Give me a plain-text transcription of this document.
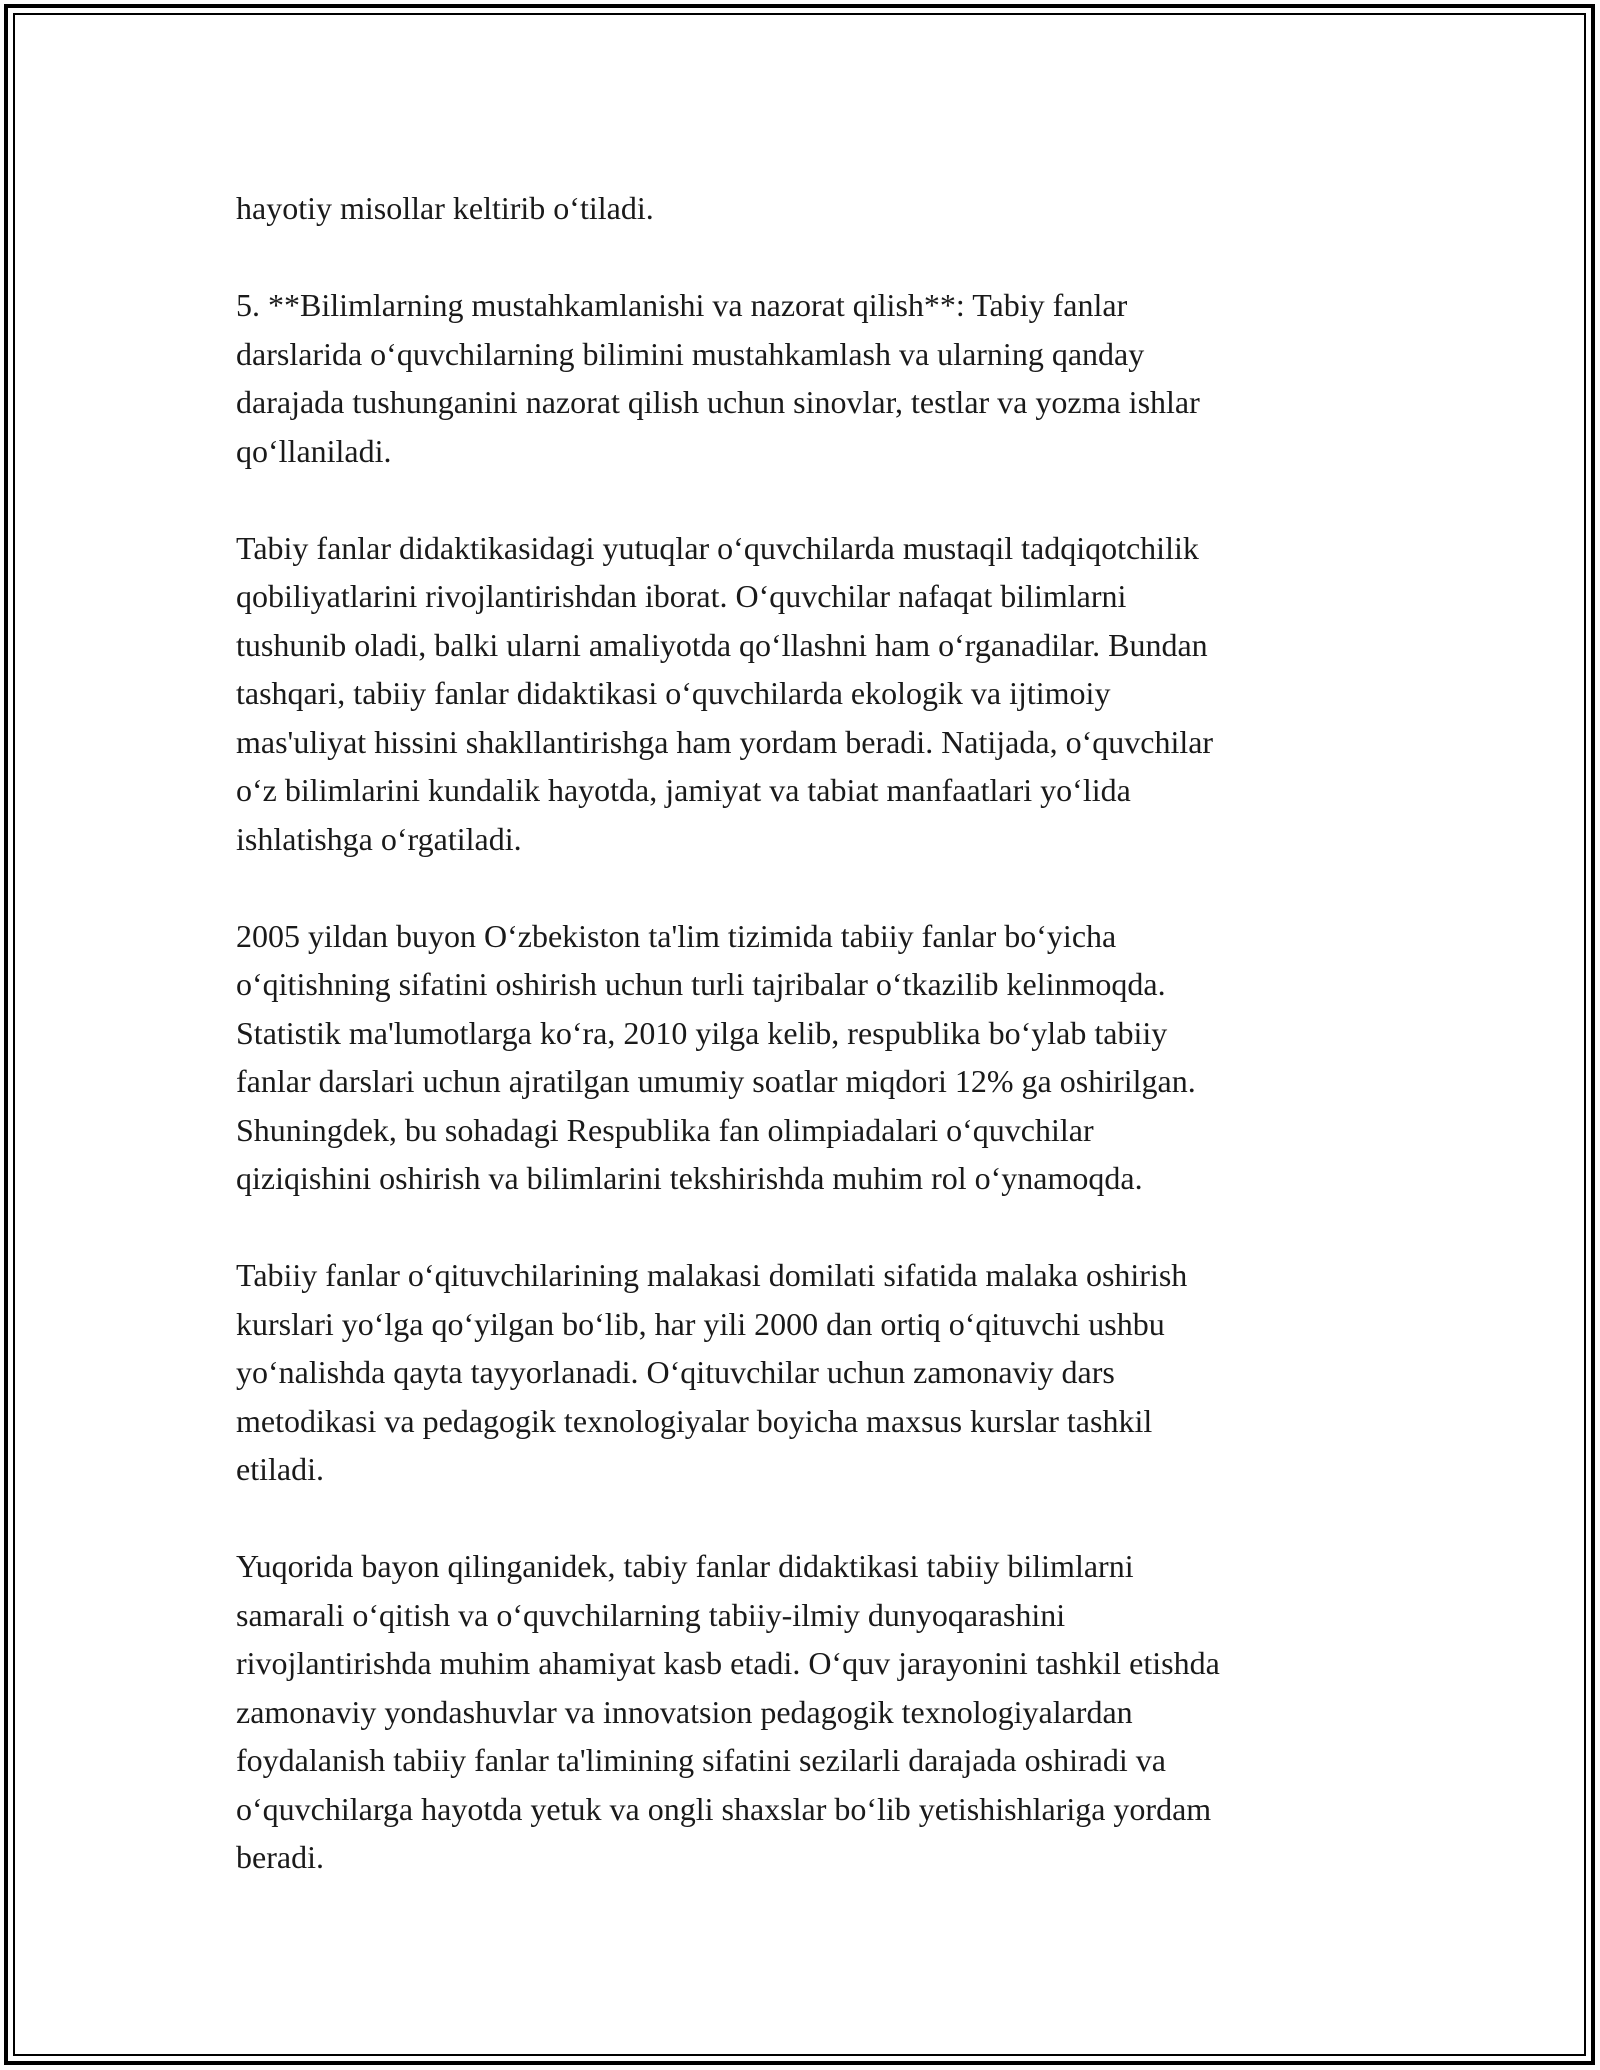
hayotiy misollar keltirib o‘tiladi.

5. **Bilimlarning mustahkamlanishi va nazorat qilish**: Tabiy fanlar
darslarida o‘quvchilarning bilimini mustahkamlash va ularning qanday
darajada tushunganini nazorat qilish uchun sinovlar, testlar va yozma ishlar
qo‘llaniladi.

Tabiy fanlar didaktikasidagi yutuqlar o‘quvchilarda mustaqil tadqiqotchilik
qobiliyatlarini rivojlantirishdan iborat. O‘quvchilar nafaqat bilimlarni
tushunib oladi, balki ularni amaliyotda qo‘llashni ham o‘rganadilar. Bundan
tashqari, tabiiy fanlar didaktikasi o‘quvchilarda ekologik va ijtimoiy
mas'uliyat hissini shakllantirishga ham yordam beradi. Natijada, o‘quvchilar
o‘z bilimlarini kundalik hayotda, jamiyat va tabiat manfaatlari yo‘lida
ishlatishga o‘rgatiladi.

2005 yildan buyon O‘zbekiston ta'lim tizimida tabiiy fanlar bo‘yicha
o‘qitishning sifatini oshirish uchun turli tajribalar o‘tkazilib kelinmoqda.
Statistik ma'lumotlarga ko‘ra, 2010 yilga kelib, respublika bo‘ylab tabiiy
fanlar darslari uchun ajratilgan umumiy soatlar miqdori 12% ga oshirilgan.
Shuningdek, bu sohadagi Respublika fan olimpiadalari o‘quvchilar
qiziqishini oshirish va bilimlarini tekshirishda muhim rol o‘ynamoqda.

Tabiiy fanlar o‘qituvchilarining malakasi domilati sifatida malaka oshirish
kurslari yo‘lga qo‘yilgan bo‘lib, har yili 2000 dan ortiq o‘qituvchi ushbu
yo‘nalishda qayta tayyorlanadi. O‘qituvchilar uchun zamonaviy dars
metodikasi va pedagogik texnologiyalar boyicha maxsus kurslar tashkil
etiladi.

Yuqorida bayon qilinganidek, tabiy fanlar didaktikasi tabiiy bilimlarni
samarali o‘qitish va o‘quvchilarning tabiiy-ilmiy dunyoqarashini
rivojlantirishda muhim ahamiyat kasb etadi. O‘quv jarayonini tashkil etishda
zamonaviy yondashuvlar va innovatsion pedagogik texnologiyalardan
foydalanish tabiiy fanlar ta'limining sifatini sezilarli darajada oshiradi va
o‘quvchilarga hayotda yetuk va ongli shaxslar bo‘lib yetishishlariga yordam
beradi.
